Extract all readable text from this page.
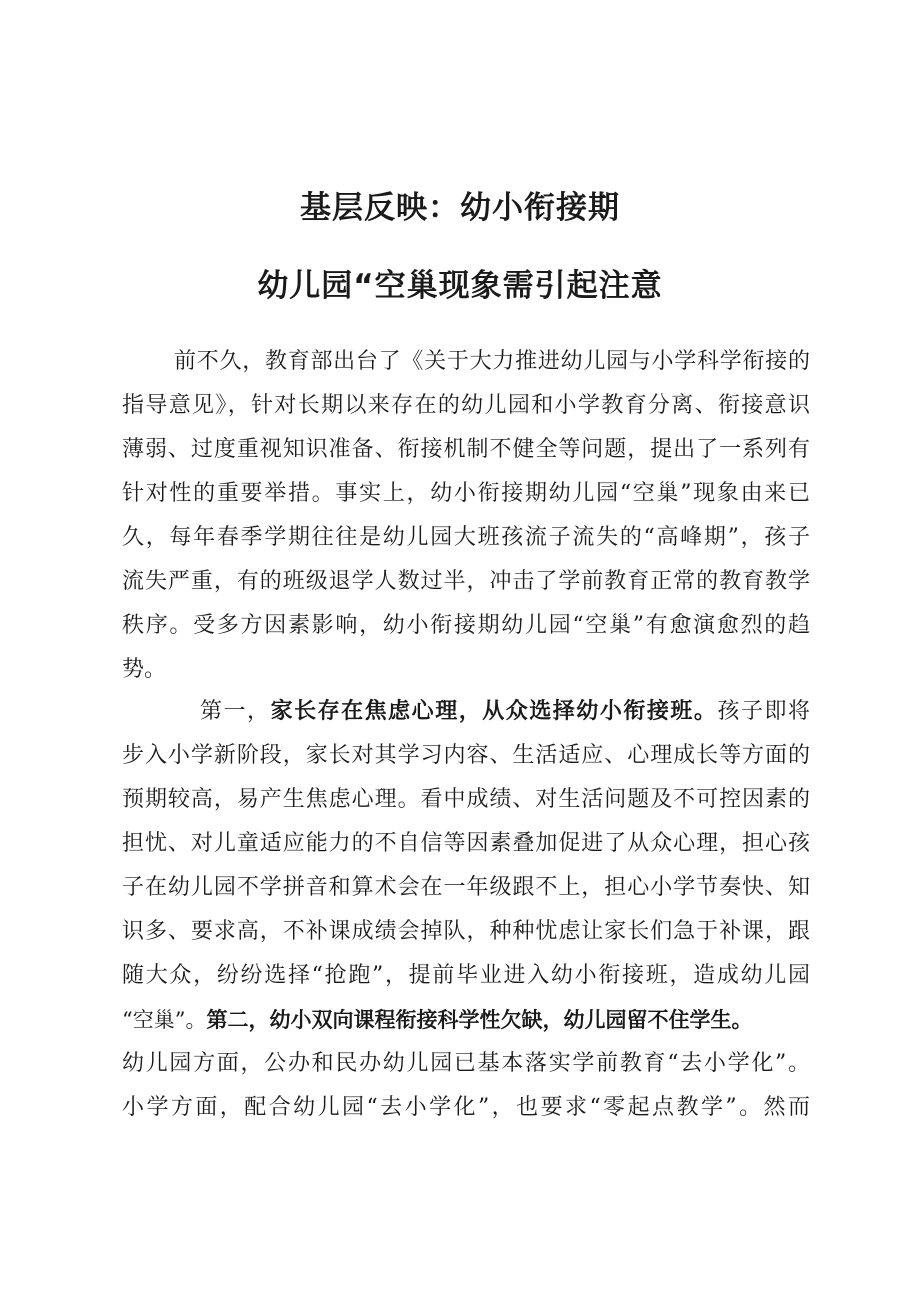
基层反映：幼小衔接期
幼儿园“空巢现象需引起注意
前不久，教育部出台了《关于大力推进幼儿园与小学科学衔接的
指导意见》，针对长期以来存在的幼儿园和小学教育分离、衔接意识
薄弱、过度重视知识准备、衔接机制不健全等问题，提出了一系列有
针对性的重要举措。事实上，幼小衔接期幼儿园“空巢”现象由来已
久，每年春季学期往往是幼儿园大班孩流子流失的“高峰期”，孩子
流失严重，有的班级退学人数过半，冲击了学前教育正常的教育教学
秩序。受多方因素影响，幼小衔接期幼儿园“空巢”有愈演愈烈的趋
势。
第一，家长存在焦虑心理，从众选择幼小衔接班。孩子即将
步入小学新阶段，家长对其学习内容、生活适应、心理成长等方面的
预期较高，易产生焦虑心理。看中成绩、对生活问题及不可控因素的
担忧、对儿童适应能力的不自信等因素叠加促进了从众心理，担心孩
子在幼儿园不学拼音和算术会在一年级跟不上，担心小学节奏快、知
识多、要求高，不补课成绩会掉队，种种忧虑让家长们急于补课，跟
随大众，纷纷选择“抢跑”，提前毕业进入幼小衔接班，造成幼儿园
“空巢”。第二，幼小双向课程衔接科学性欠缺，幼儿园留不住学生。
幼儿园方面，公办和民办幼儿园已基本落实学前教育“去小学化”。
小学方面，配合幼儿园“去小学化”，也要求“零起点教学”。然而
